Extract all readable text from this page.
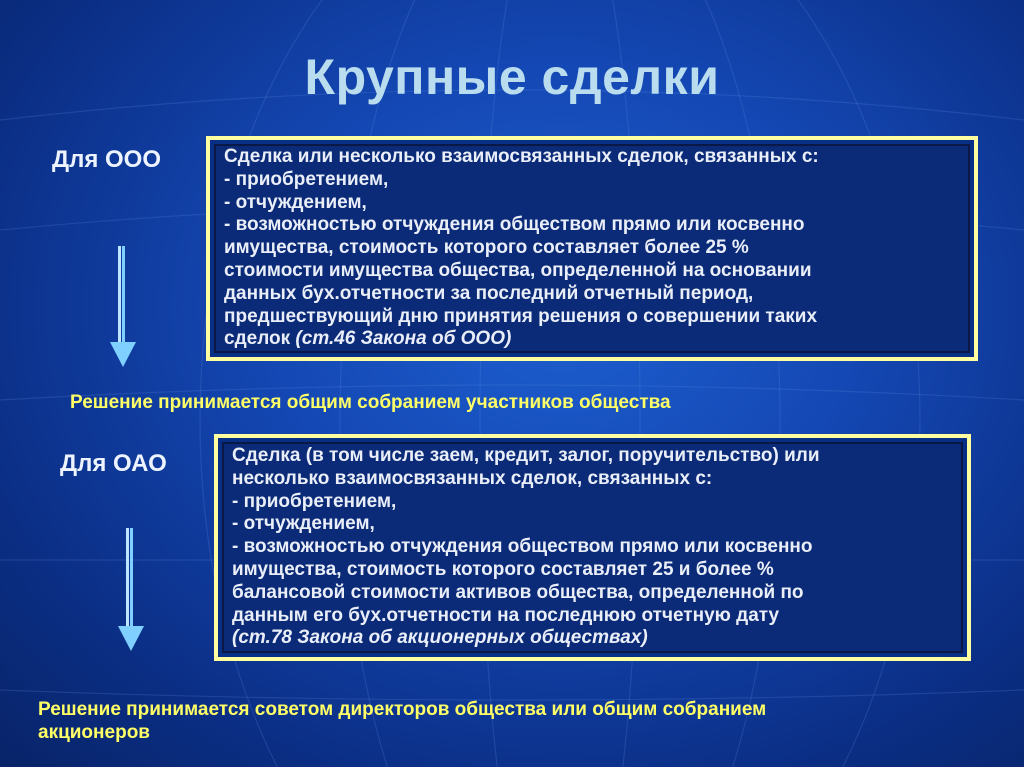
Крупные сделки
Для ООО	Сделка или несколько взаимосвязанных сделок, связанных с:
- приобретением,
- отчуждением,
- возможностью отчуждения обществом прямо или косвенно
имущества, стоимость которого составляет более 25 %
стоимости имущества общества, определенной на основании
данных бух.отчетности за последний отчетный период,
предшествующий дню принятия решения о совершении таких
сделок (ст.46 Закона об ООО)
Решение принимается общим собранием участников общества
Для ОАО	Сделка (в том числе заем, кредит, залог, поручительство) или
несколько взаимосвязанных сделок, связанных с:
- приобретением,
- отчуждением,
- возможностью отчуждения обществом прямо или косвенно
имущества, стоимость которого составляет 25 и более %
балансовой стоимости активов общества, определенной по
данным его бух.отчетности на последнюю отчетную дату
(ст.78 Закона об акционерных обществах)
Решение принимается советом директоров общества или общим собранием
акционеров
